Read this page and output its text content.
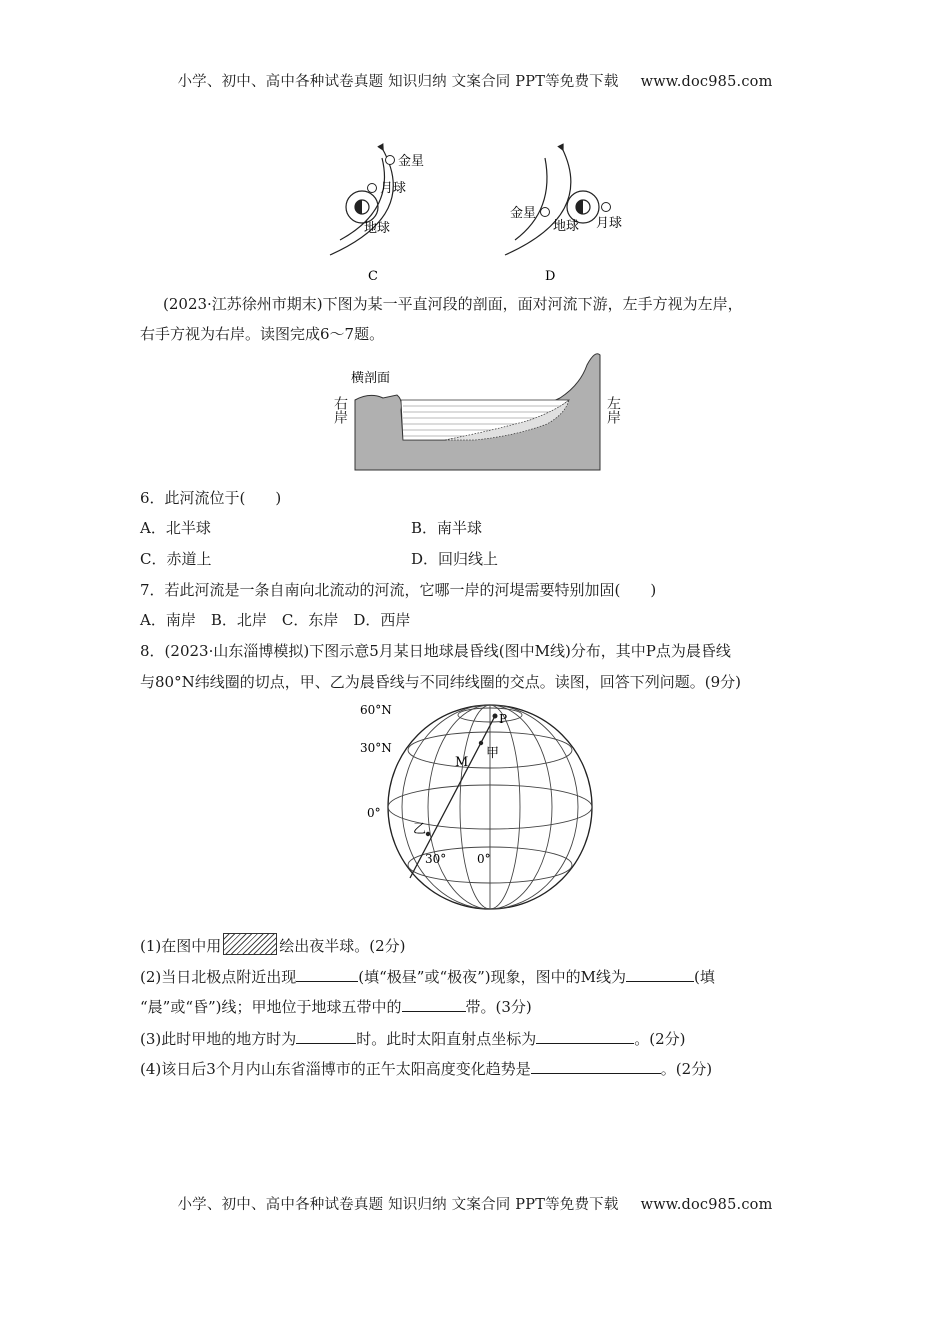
小学、初中、高中各种试卷真题 知识归纳 文案合同 PPT等免费下载 www.doc985.com
金星
月球
地球
C
金星
地球 月球
D
(2023·江苏徐州市期末)下图为某一平直河段的剖面，面对河流下游，左手方视为左岸，
右手方视为右岸。读图完成6～7题。
横剖面
右岸	左岸
6．此河流位于(　　)
A．北半球	B．南半球
C．赤道上	D．回归线上
7．若此河流是一条自南向北流动的河流，它哪一岸的河堤需要特别加固(　　)
A．南岸　B．北岸　C．东岸　D．西岸
8．(2023·山东淄博模拟)下图示意5月某日地球晨昏线(图中M线)分布，其中P点为晨昏线
与80°N纬线圈的切点，甲、乙为晨昏线与不同纬线圈的交点。读图，回答下列问题。(9分)
60°N
30°N
0°
P
甲
M
乙
30°	0°
(1)在图中用	绘出夜半球。(2分)
(2)当日北极点附近出现	(填“极昼”或“极夜”)现象，图中的M线为	(填
“晨”或“昏”)线；甲地位于地球五带中的	带。(3分)
(3)此时甲地的地方时为	时。此时太阳直射点坐标为	。(2分)
(4)该日后3个月内山东省淄博市的正午太阳高度变化趋势是	。(2分)
小学、初中、高中各种试卷真题 知识归纳 文案合同 PPT等免费下载 www.doc985.com
